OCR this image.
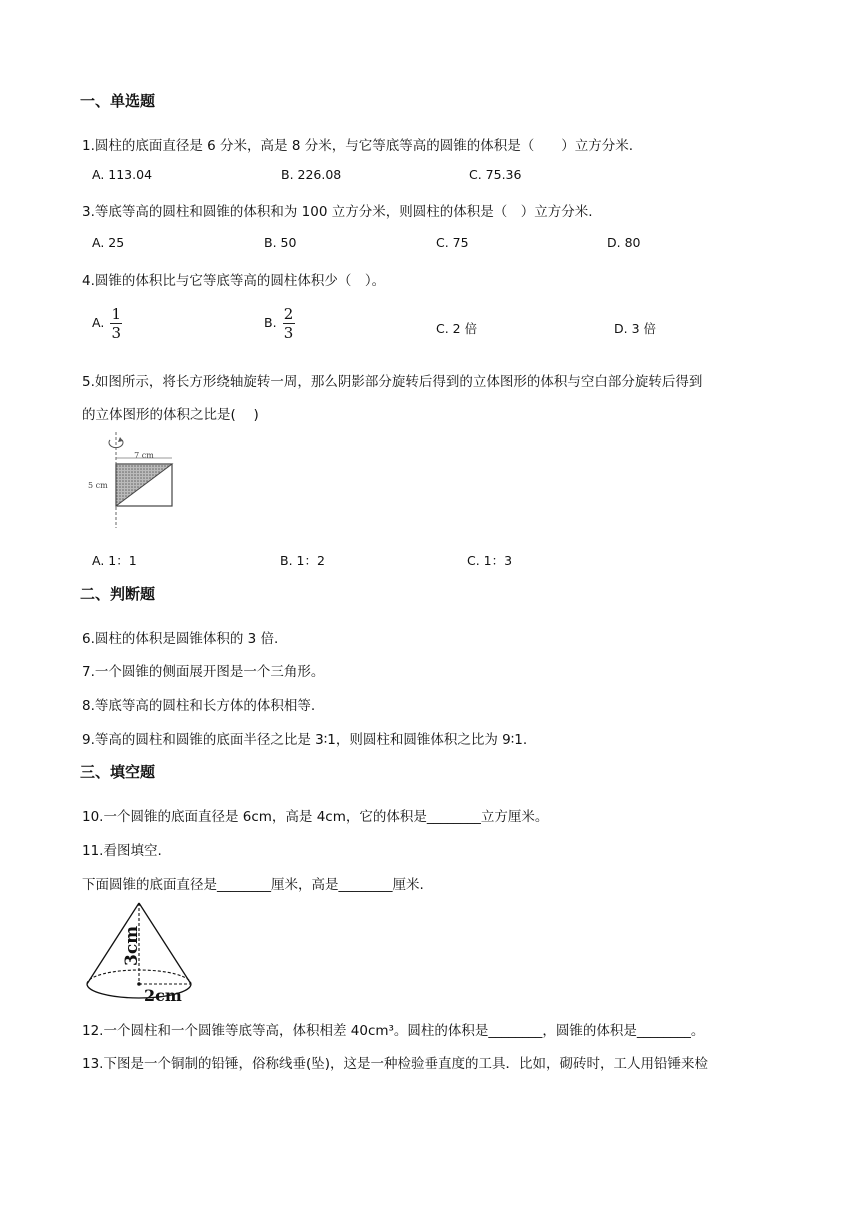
一、单选题
1.圆柱的底面直径是 6 分米，高是 8 分米，与它等底等高的圆锥的体积是（　　）立方分米.
A. 113.04	B. 226.08	C. 75.36
3.等底等高的圆柱和圆锥的体积和为 100 立方分米，则圆柱的体积是（　）立方分米.
A. 25	B. 50	C. 75	D. 80
4.圆锥的体积比与它等底等高的圆柱体积少（　）。
A. $\frac{1}{3}$	B. $\frac{2}{3}$	C. 2 倍	D. 3 倍
5.如图所示，将长方形绕轴旋转一周，那么阴影部分旋转后得到的立体图形的体积与空白部分旋转后得到
的立体图形的体积之比是(　 )
7 cm
5 cm
A. 1：1	B. 1：2	C. 1：3
二、判断题
6.圆柱的体积是圆锥体积的 3 倍.
7.一个圆锥的侧面展开图是一个三角形。
8.等底等高的圆柱和长方体的体积相等.
9.等高的圆柱和圆锥的底面半径之比是 3∶1，则圆柱和圆锥体积之比为 9∶1.
三、填空题
10.一个圆锥的底面直径是 6cm，高是 4cm，它的体积是________立方厘米。
11.看图填空.
下面圆锥的底面直径是________厘米，高是________厘米.
3cm
2cm
12.一个圆柱和一个圆锥等底等高，体积相差 40cm³。圆柱的体积是________，圆锥的体积是________。
13.下图是一个铜制的铅锤，俗称线垂(坠)，这是一种检验垂直度的工具．比如，砌砖时，工人用铅锤来检
